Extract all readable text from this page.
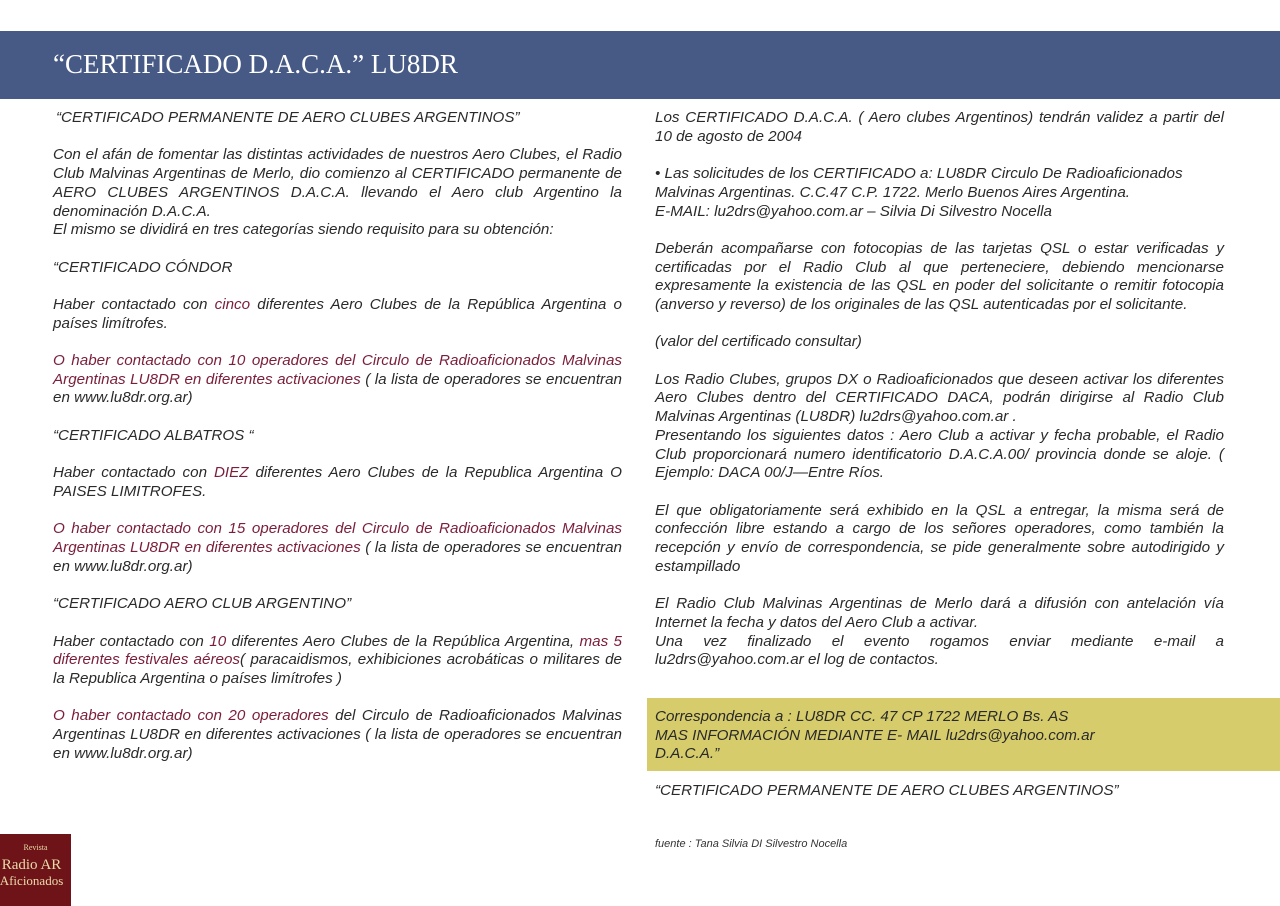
“CERTIFICADO D.A.C.A.” LU8DR

“CERTIFICADO PERMANENTE DE AERO CLUBES ARGENTINOS”

Con el afán de fomentar las distintas actividades de nuestros Aero Clubes, el Radio Club Malvinas Argentinas de Merlo, dio comienzo al CERTIFICADO permanente de AERO CLUBES ARGENTINOS D.A.C.A. llevando el Aero club Argentino la denominación D.A.C.A.
El mismo se dividirá en tres categorías siendo requisito para su obtención:

“CERTIFICADO CÓNDOR

Haber contactado con cinco diferentes Aero Clubes de la República Argentina o países limítrofes.

O haber contactado con 10 operadores del Circulo de Radioaficionados Malvinas Argentinas LU8DR en diferentes activaciones ( la lista de operadores se encuentran en www.lu8dr.org.ar)

“CERTIFICADO ALBATROS “

Haber contactado con DIEZ diferentes Aero Clubes de la Republica Argentina O PAISES LIMITROFES.

O haber contactado con 15 operadores del Circulo de Radioaficionados Malvinas Argentinas LU8DR en diferentes activaciones ( la lista de operadores se encuentran en www.lu8dr.org.ar)

“CERTIFICADO AERO CLUB ARGENTINO”

Haber contactado con 10 diferentes Aero Clubes de la República Argentina, mas 5 diferentes festivales aéreos( paracaidismos, exhibiciones acrobáticas o militares de la Republica Argentina o países limítrofes )

O haber contactado con 20 operadores del Circulo de Radioaficionados Malvinas Argentinas LU8DR en diferentes activaciones ( la lista de operadores se encuentran en www.lu8dr.org.ar)

Los CERTIFICADO D.A.C.A. ( Aero clubes Argentinos) tendrán validez a partir del 10 de agosto de 2004

• Las solicitudes de los CERTIFICADO a: LU8DR Circulo De Radioaficionados Malvinas Argentinas. C.C.47 C.P. 1722. Merlo Buenos Aires Argentina.
E-MAIL: lu2drs@yahoo.com.ar – Silvia Di Silvestro Nocella

Deberán acompañarse con fotocopias de las tarjetas QSL o estar verificadas y certificadas por el Radio Club al que perteneciere, debiendo mencionarse expresamente la existencia de las QSL en poder del solicitante o remitir fotocopia (anverso y reverso) de los originales de las QSL autenticadas por el solicitante.

(valor del certificado consultar)

Los Radio Clubes, grupos DX o Radioaficionados que deseen activar los diferentes Aero Clubes dentro del CERTIFICADO DACA, podrán dirigirse al Radio Club Malvinas Argentinas (LU8DR) lu2drs@yahoo.com.ar .
Presentando los siguientes datos : Aero Club a activar y fecha probable, el Radio Club proporcionará numero identificatorio D.A.C.A.00/ provincia donde se aloje. ( Ejemplo: DACA 00/J—Entre Ríos.

El que obligatoriamente será exhibido en la QSL a entregar, la misma será de confección libre estando a cargo de los señores operadores, como también la recepción y envío de correspondencia, se pide generalmente sobre autodirigido y estampillado

El Radio Club Malvinas Argentinas de Merlo dará a difusión con antelación vía Internet la fecha y datos del Aero Club a activar.
Una vez finalizado el evento rogamos enviar mediante e-mail a lu2drs@yahoo.com.ar el log de contactos.

Correspondencia a : LU8DR CC. 47 CP 1722 MERLO Bs. AS
MAS INFORMACIÓN MEDIANTE E- MAIL lu2drs@yahoo.com.ar
D.A.C.A.”

“CERTIFICADO PERMANENTE DE AERO CLUBES ARGENTINOS”

fuente : Tana Silvia DI Silvestro Nocella

Revista
Radio AR
Aficionados
